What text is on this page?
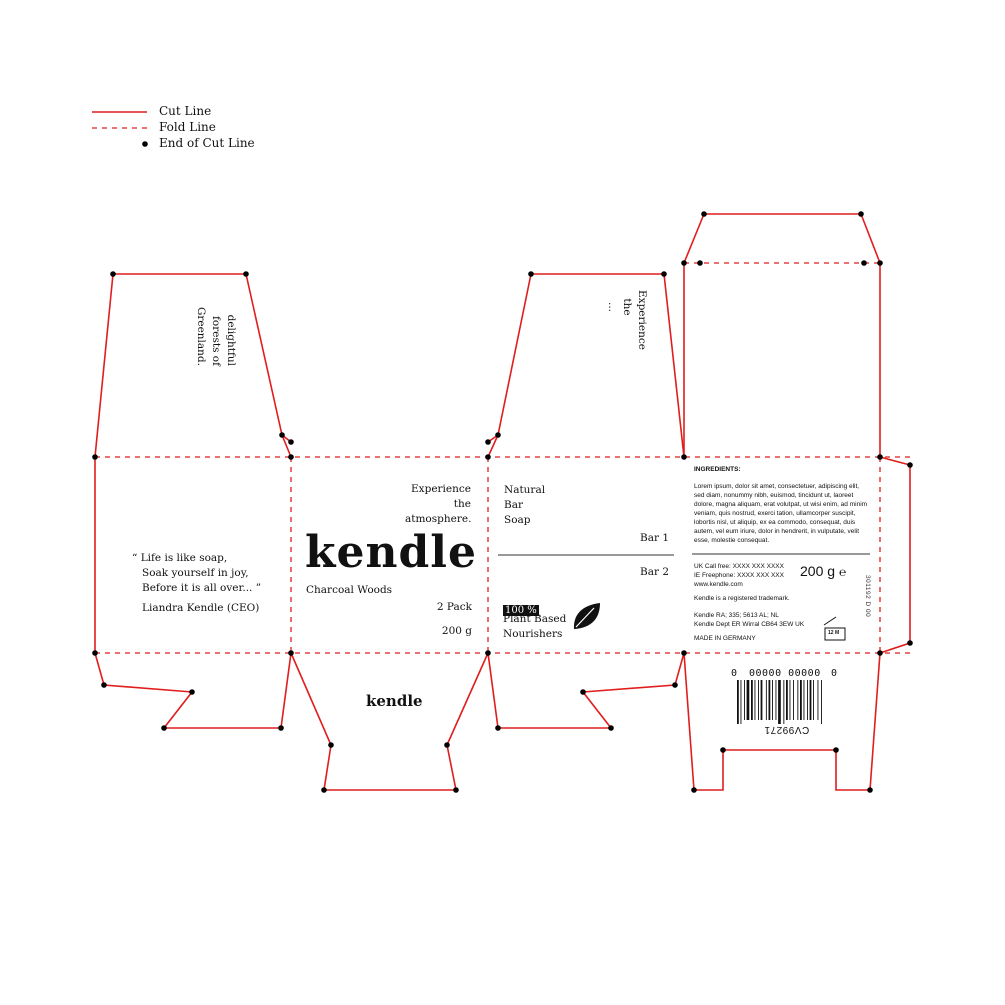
Cut Line
Fold Line
End of Cut Line
delightful
forests of
Greenland.	Experience
the
...
“ Life is like soap,
Soak yourself in joy,
Before it is all over... ”
Liandra Kendle (CEO)
Experience
the
atmosphere.
kendle
Charcoal Woods
2 Pack
200 g
kendle
Natural
Bar
Soap
Bar 1
Bar 2
100 %
Plant Based
Nourishers
INGREDIENTS:
Lorem ipsum, dolor sit amet, consectetuer, adipiscing elit,
sed diam, nonummy nibh, euismod, tincidunt ut, laoreet
dolore, magna aliquam, erat volutpat, ut wisi enim, ad minim
veniam, quis nostrud, exerci tation, ullamcorper suscipit,
lobortis nisl, ut aliquip, ex ea commodo, consequat, duis
autem, vel eum iriure, dolor in hendrerit, in vulputate, velit
esse, molestie consequat.
UK Call free: XXXX XXX XXXX
IE Freephone: XXXX XXX XXX
www.kendle.com
200 g ℮
Kendle is a registered trademark.
Kendle RA; 335; 5613 AL; NL
Kendle Dept ER Wirral CB64 3EW UK
MADE IN GERMANY
301192 D 00
12 M
0 00000 00000 0
CV99271
